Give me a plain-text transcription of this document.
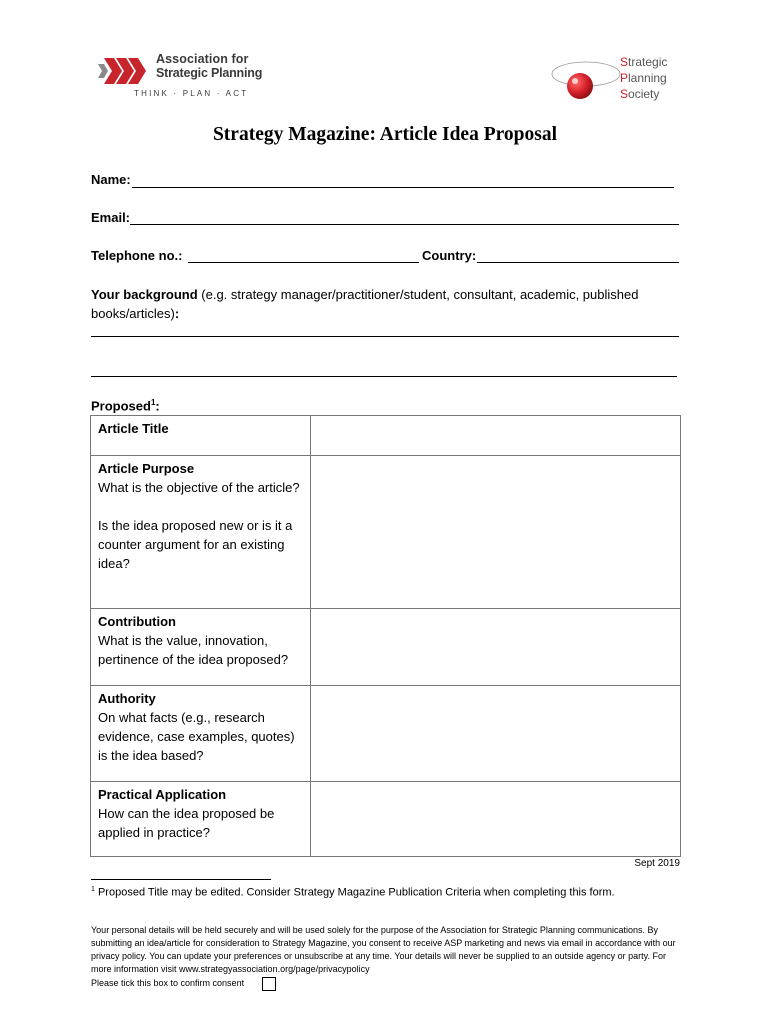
Association for
Strategic Planning
THINK · PLAN · ACT
Strategic
Planning
Society
Strategy Magazine: Article Idea Proposal
Name:
Email:
Telephone no.:	Country:
Your background (e.g. strategy manager/practitioner/student, consultant, academic, published books/articles):
Proposed$^1$:
Article Title	

Article Purpose
What is the objective of the article?
Is the idea proposed new or is it a counter argument for an existing idea?	

Contribution
What is the value, innovation, pertinence of the idea proposed?	

Authority
On what facts (e.g., research evidence, case examples, quotes) is the idea based?	

Practical Application
How can the idea proposed be applied in practice?	

Sept 2019
$^1$ Proposed Title may be edited. Consider Strategy Magazine Publication Criteria when completing this form.
Your personal details will be held securely and will be used solely for the purpose of the Association for Strategic Planning communications. By submitting an idea/article for consideration to Strategy Magazine, you consent to receive ASP marketing and news via email in accordance with our privacy policy. You can update your preferences or unsubscribe at any time. Your details will never be supplied to an outside agency or party. For more information visit www.strategyassociation.org/page/privacypolicy
Please tick this box to confirm consent
